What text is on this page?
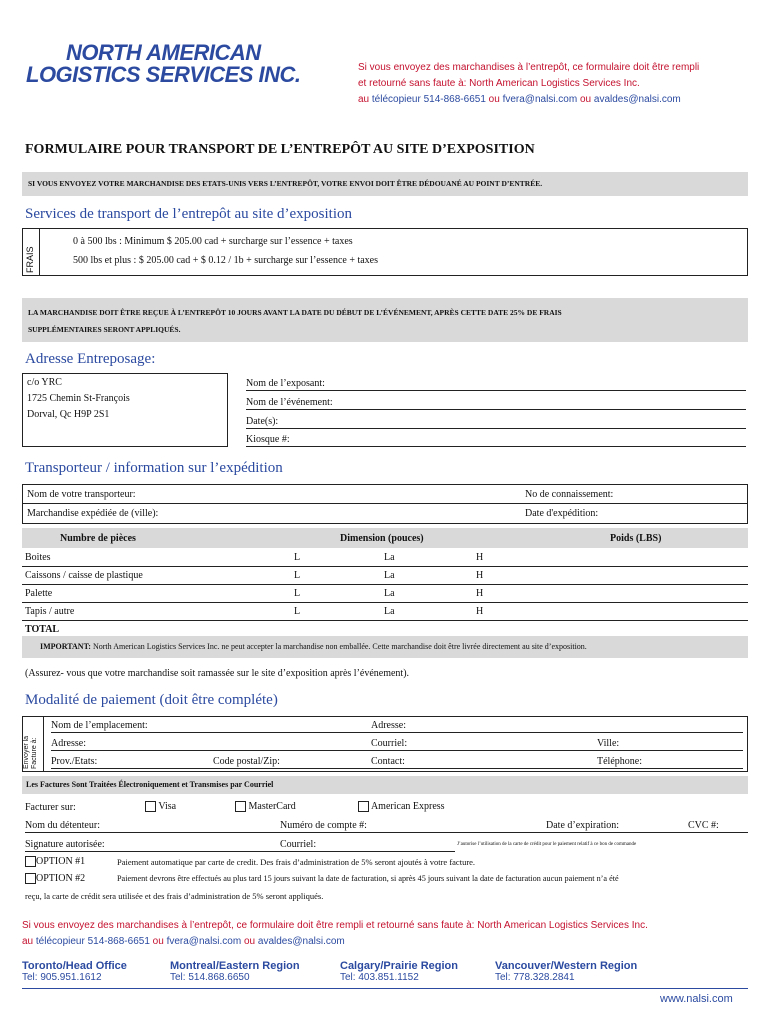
NORTH AMERICAN
LOGISTICS SERVICES INC.	Si vous envoyez des marchandises à l’entrepôt, ce formulaire doit être rempli
et retourné sans faute à: North American Logistics Services Inc.
au télécopieur 514-868-6651 ou fvera@nalsi.com ou avaldes@nalsi.com
FORMULAIRE POUR TRANSPORT DE L’ENTREPÔT AU SITE D’EXPOSITION
SI VOUS ENVOYEZ VOTRE MARCHANDISE DES ETATS-UNIS VERS L’ENTREPÔT, VOTRE ENVOI DOIT ÊTRE DÉDOUANÉ AU POINT D’ENTRÉE.
Services de transport de l’entrepôt au site d’exposition
FRAIS
0 à 500 lbs : Minimum $ 205.00 cad + surcharge sur l’essence + taxes
500 lbs et plus : $ 205.00 cad + $ 0.12 / 1b + surcharge sur l’essence + taxes
LA MARCHANDISE DOIT ÊTRE REÇUE À L’ENTREPÔT 10 JOURS AVANT LA DATE DU DÉBUT DE L’ÉVÉNEMENT, APRÈS CETTE DATE 25% DE FRAIS
SUPPLÉMENTAIRES SERONT APPLIQUÉS.
Adresse Entreposage:
c/o YRC
1725 Chemin St-François
Dorval, Qc H9P 2S1
Nom de l’exposant:
Nom de l’événement:
Date(s):
Kiosque #:
Transporteur / information sur l’expédition
Nom de votre transporteur:	No de connaissement:
Marchandise expédiée de (ville):	Date d'expédition:
Numbre de pièces	Dimension (pouces)	Poids (LBS)
Boites	L	La	H
Caissons / caisse de plastique	L	La	H
Palette	L	La	H
Tapis / autre	L	La	H
TOTAL
IMPORTANT: North American Logistics Services Inc. ne peut accepter la marchandise non emballée. Cette marchandise doit être livrée directement au site d’exposition.
(Assurez- vous que votre marchandise soit ramassée sur le site d’exposition après l’événement).
Modalité de paiement (doit être compléte)
Envoyer la Facture à:
Nom de l’emplacement:	Adresse:
Adresse:	Courriel:	Ville:
Prov./Etats:	Code postal/Zip:	Contact:	Téléphone:
Les Factures Sont Traitées Électroniquement et Transmises par Courriel
Facturer sur:	Visa	MasterCard	American Express
Nom du détenteur:	Numéro de compte #:	Date d’expiration:	CVC #:
Signature autorisée:	Courriel:	J’autorise l’utilisation de la carte de crédit pour le paiement relatif à ce bon de commande
OPTION #1	Paiement automatique par carte de credit. Des frais d’administration de 5% seront ajoutés à votre facture.
OPTION #2	Paiement devrons être effectués au plus tard 15 jours suivant la date de facturation, si après 45 jours suivant la date de facturation aucun paiement n’a été
reçu, la carte de crédit sera utilisée et des frais d’administration de 5% seront appliqués.
Si vous envoyez des marchandises à l’entrepôt, ce formulaire doit être rempli et retourné sans faute à: North American Logistics Services Inc.
au télécopieur 514-868-6651 ou fvera@nalsi.com ou avaldes@nalsi.com
Toronto/Head Office
Tel: 905.951.1612
Montreal/Eastern Region
Tel: 514.868.6650
Calgary/Prairie Region
Tel: 403.851.1152
Vancouver/Western Region
Tel: 778.328.2841
www.nalsi.com
